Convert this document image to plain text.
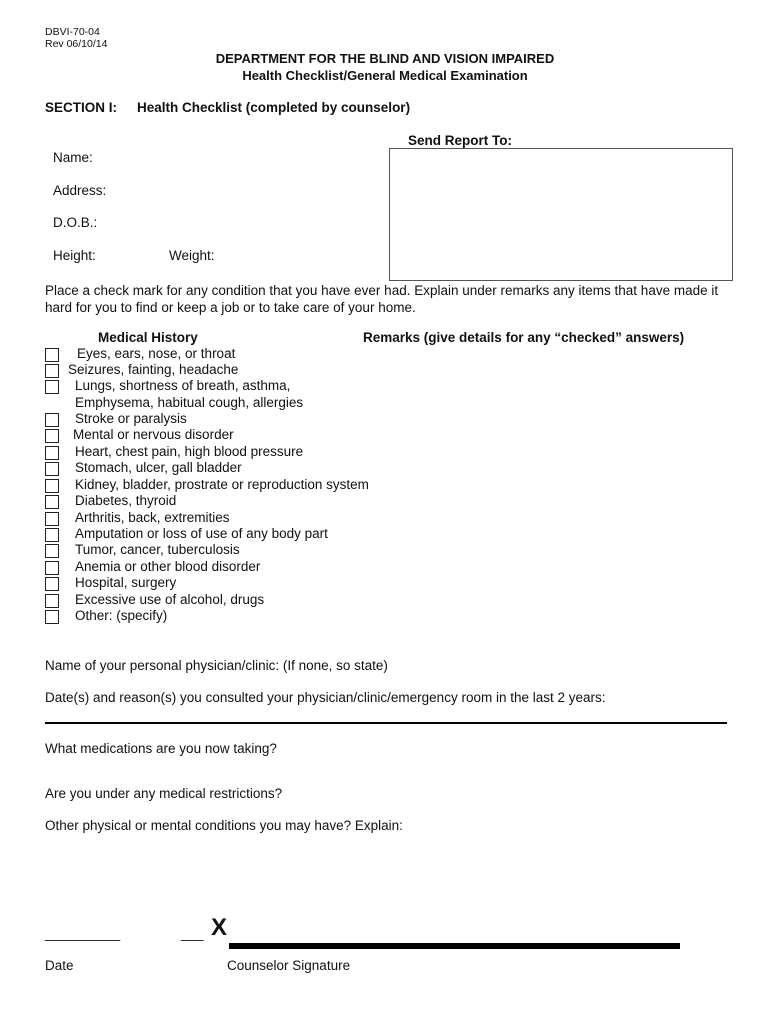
DBVI-70-04
Rev 06/10/14
DEPARTMENT FOR THE BLIND AND VISION IMPAIRED
Health Checklist/General Medical Examination
SECTION I: Health Checklist (completed by counselor)
Send Report To:
Name:
Address:
D.O.B.:
Height:	Weight:
Place a check mark for any condition that you have ever had. Explain under remarks any items that have made it hard for you to find or keep a job or to take care of your home.
Medical History	Remarks (give details for any “checked” answers)
Eyes, ears, nose, or throat
Seizures, fainting, headache
Lungs, shortness of breath, asthma,
Emphysema, habitual cough, allergies
Stroke or paralysis
Mental or nervous disorder
Heart, chest pain, high blood pressure
Stomach, ulcer, gall bladder
Kidney, bladder, prostrate or reproduction system
Diabetes, thyroid
Arthritis, back, extremities
Amputation or loss of use of any body part
Tumor, cancer, tuberculosis
Anemia or other blood disorder
Hospital, surgery
Excessive use of alcohol, drugs
Other: (specify)
Name of your personal physician/clinic: (If none, so state)
Date(s) and reason(s) you consulted your physician/clinic/emergency room in the last 2 years:
What medications are you now taking?
Are you under any medical restrictions?
Other physical or mental conditions you may have? Explain:
__________	___ X
Date	Counselor Signature
